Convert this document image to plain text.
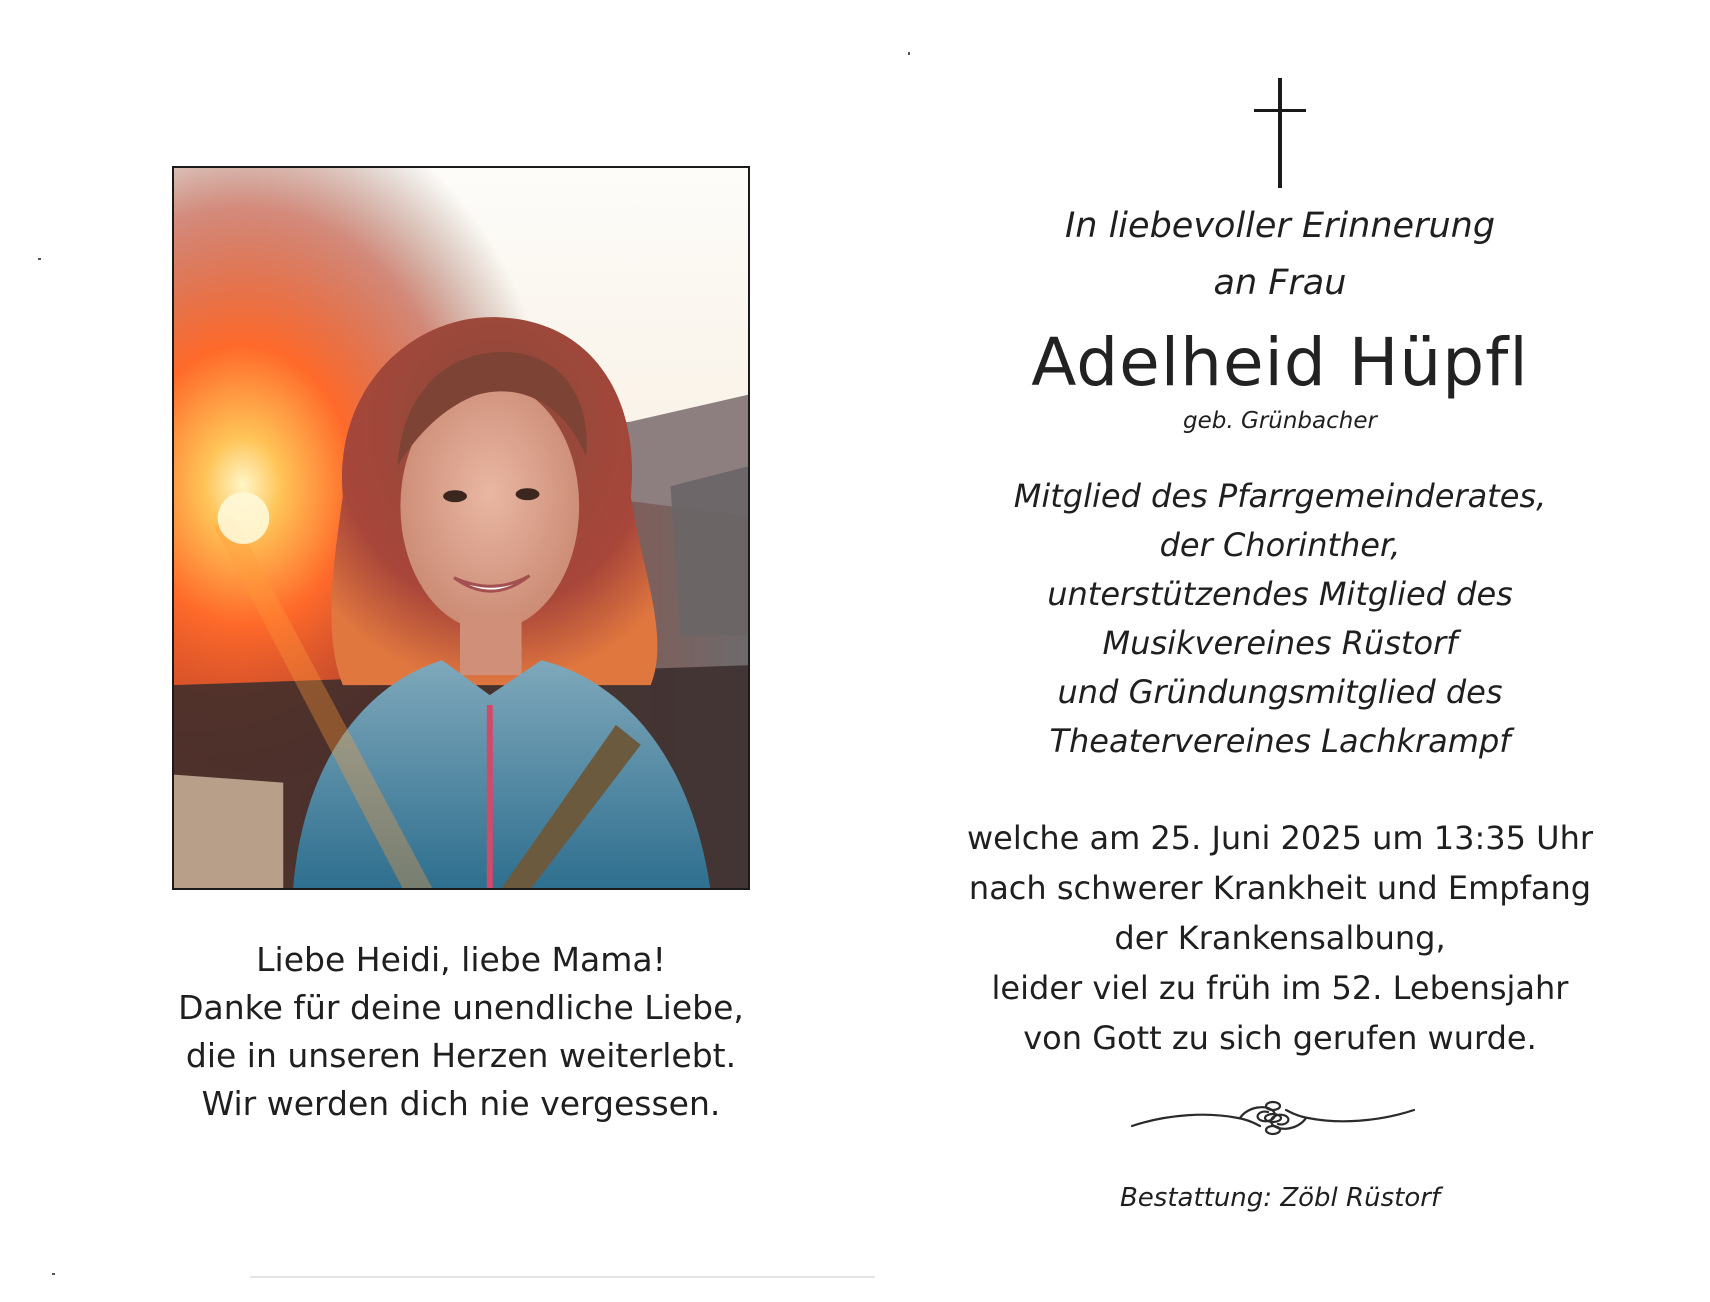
Liebe Heidi, liebe Mama!
Danke für deine unendliche Liebe,
die in unseren Herzen weiterlebt.
Wir werden dich nie vergessen.
In liebevoller Erinnerung
an Frau
Adelheid Hüpfl
geb. Grünbacher
Mitglied des Pfarrgemeinderates,
der Chorinther,
unterstützendes Mitglied des
Musikvereines Rüstorf
und Gründungsmitglied des
Theatervereines Lachkrampf
welche am 25. Juni 2025 um 13:35 Uhr
nach schwerer Krankheit und Empfang
der Krankensalbung,
leider viel zu früh im 52. Lebensjahr
von Gott zu sich gerufen wurde.
Bestattung: Zöbl Rüstorf
